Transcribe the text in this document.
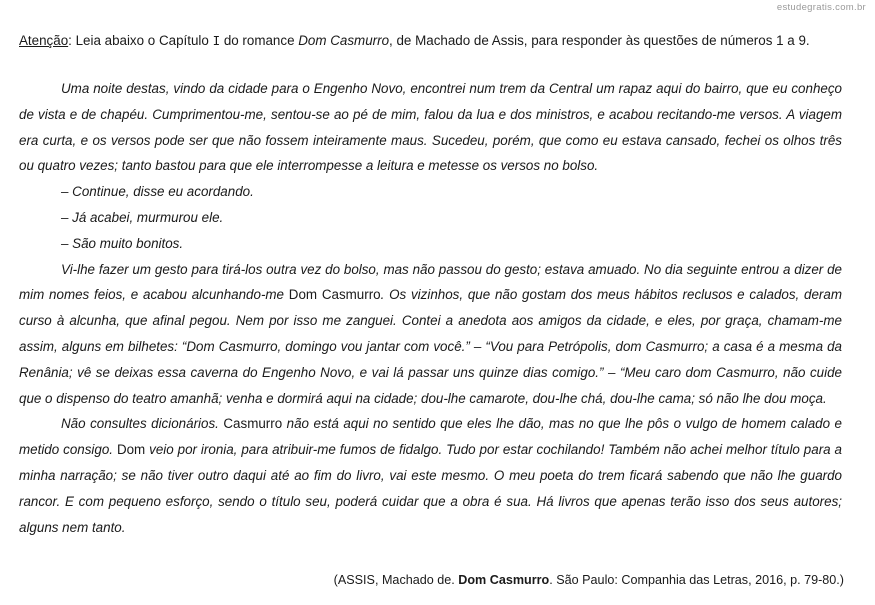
estudegratis.com.br
Atenção: Leia abaixo o Capítulo I do romance Dom Casmurro, de Machado de Assis, para responder às questões de números 1 a 9.

Uma noite destas, vindo da cidade para o Engenho Novo, encontrei num trem da Central um rapaz aqui do bairro, que eu conheço de vista e de chapéu. Cumprimentou-me, sentou-se ao pé de mim, falou da lua e dos ministros, e acabou recitando-me versos. A viagem era curta, e os versos pode ser que não fossem inteiramente maus. Sucedeu, porém, que como eu estava cansado, fechei os olhos três ou quatro vezes; tanto bastou para que ele interrompesse a leitura e metesse os versos no bolso.

– Continue, disse eu acordando.

– Já acabei, murmurou ele.

– São muito bonitos.

Vi-lhe fazer um gesto para tirá-los outra vez do bolso, mas não passou do gesto; estava amuado. No dia seguinte entrou a dizer de mim nomes feios, e acabou alcunhando-me Dom Casmurro. Os vizinhos, que não gostam dos meus hábitos reclusos e calados, deram curso à alcunha, que afinal pegou. Nem por isso me zanguei. Contei a anedota aos amigos da cidade, e eles, por graça, chamam-me assim, alguns em bilhetes: “Dom Casmurro, domingo vou jantar com você.” – “Vou para Petrópolis, dom Casmurro; a casa é a mesma da Renânia; vê se deixas essa caverna do Engenho Novo, e vai lá passar uns quinze dias comigo.” – “Meu caro dom Casmurro, não cuide que o dispenso do teatro amanhã; venha e dormirá aqui na cidade; dou-lhe camarote, dou-lhe chá, dou-lhe cama; só não lhe dou moça.

Não consultes dicionários. Casmurro não está aqui no sentido que eles lhe dão, mas no que lhe pôs o vulgo de homem calado e metido consigo. Dom veio por ironia, para atribuir-me fumos de fidalgo. Tudo por estar cochilando! Também não achei melhor título para a minha narração; se não tiver outro daqui até ao fim do livro, vai este mesmo. O meu poeta do trem ficará sabendo que não lhe guardo rancor. E com pequeno esforço, sendo o título seu, poderá cuidar que a obra é sua. Há livros que apenas terão isso dos seus autores; alguns nem tanto.

(ASSIS, Machado de. Dom Casmurro. São Paulo: Companhia das Letras, 2016, p. 79-80.)
